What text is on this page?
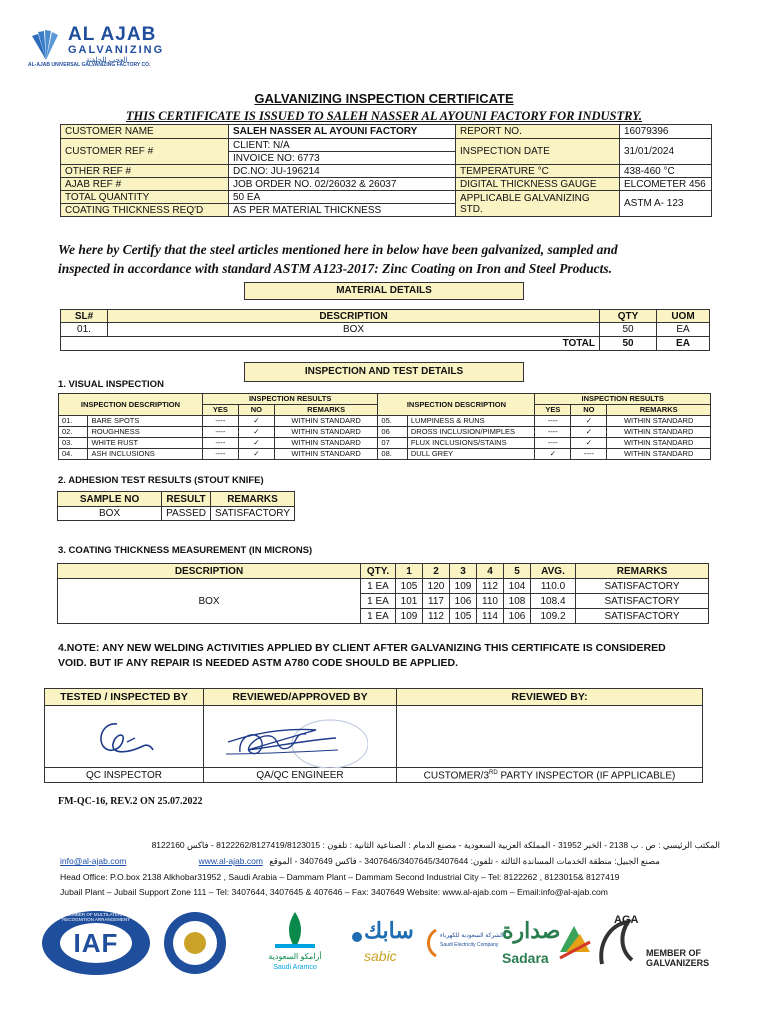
AL AJAB
GALVANIZING
العجب للجلفنة
AL-AJAB UNIVERSAL GALVANIZING FACTORY CO.
GALVANIZING INSPECTION CERTIFICATE
THIS CERTIFICATE IS ISSUED TO SALEH NASSER AL AYOUNI FACTORY FOR INDUSTRY.
CUSTOMER NAME	SALEH NASSER AL AYOUNI FACTORY	REPORT NO.	16079396
CUSTOMER REF #	CLIENT: N/A	INSPECTION DATE	31/01/2024
	INVOICE NO: 6773		
OTHER REF #	DC.NO: JU-196214	TEMPERATURE °C	438-460 °C
AJAB REF #	JOB ORDER NO. 02/26032 & 26037	DIGITAL THICKNESS GAUGE	ELCOMETER 456
TOTAL QUANTITY	50 EA	APPLICABLE GALVANIZING STD.	ASTM A- 123
COATING THICKNESS REQ'D	AS PER MATERIAL THICKNESS		
We here by Certify that the steel articles mentioned here in below have been galvanized, sampled and
inspected in accordance with standard ASTM A123-2017: Zinc Coating on Iron and Steel Products.
MATERIAL DETAILS
SL#	DESCRIPTION	QTY	UOM
01.	BOX	50	EA
	TOTAL	50	EA
INSPECTION AND TEST DETAILS
1. VISUAL INSPECTION
INSPECTION DESCRIPTION		INSPECTION RESULTS			INSPECTION DESCRIPTION		INSPECTION RESULTS		
		YES	NO	REMARKS			YES	NO	REMARKS
01.	BARE SPOTS	----	✓	WITHIN STANDARD	05.	LUMPINESS & RUNS	----	✓	WITHIN STANDARD
02.	ROUGHNESS	----	✓	WITHIN STANDARD	06	DROSS INCLUSION/PIMPLES	----	✓	WITHIN STANDARD
03.	WHITE RUST	----	✓	WITHIN STANDARD	07	FLUX INCLUSIONS/STAINS	----	✓	WITHIN STANDARD
04.	ASH INCLUSIONS	----	✓	WITHIN STANDARD	08.	DULL GREY	✓	----	WITHIN STANDARD
2. ADHESION TEST RESULTS (STOUT KNIFE)
SAMPLE NO	RESULT	REMARKS
BOX	PASSED	SATISFACTORY
3. COATING THICKNESS MEASUREMENT (IN MICRONS)
DESCRIPTION	QTY.	1	2	3	4	5	AVG.	REMARKS
BOX	1 EA	105	120	109	112	104	110.0	SATISFACTORY
	1 EA	101	117	106	110	108	108.4	SATISFACTORY
	1 EA	109	112	105	114	106	109.2	SATISFACTORY
4.NOTE: ANY NEW WELDING ACTIVITIES APPLIED BY CLIENT AFTER GALVANIZING THIS CERTIFICATE IS CONSIDERED
VOID. BUT IF ANY REPAIR IS NEEDED ASTM A780 CODE SHOULD BE APPLIED.
TESTED / INSPECTED BY	REVIEWED/APPROVED BY	REVIEWED BY:

QC INSPECTOR	QA/QC ENGINEER	CUSTOMER/3RD PARTY INSPECTOR (IF APPLICABLE)
FM-QC-16, REV.2 ON 25.07.2022
المكتب الرئيسي : ص . ب 2138 - الخبر 31952 - المملكة العربية السعودية - مصنع الدمام : الصناعية الثانية : تلفون : 8122262/8127419/8123015 - فاكس 8122160
info@al-ajab.com	www.al-ajab.com مصنع الجبيل: منطقة الخدمات المساندة الثالثة - تلفون: 3407646/3407645/3407644 - فاكس 3407649 - الموقع
Head Office: P.O.box 2138 Alkhobar31952 , Saudi Arabia – Dammam Plant – Dammam Second Industrial City – Tel: 8122262 , 8123015& 8127419
Jubail Plant – Jubail Support Zone 111 – Tel: 3407644, 3407645 & 407646 – Fax: 3407649 Website: www.al-ajab.com – Email:info@al-ajab.com
IAF
MEMBER OF MULTILATERAL RECOGNITION ARRANGEMENT
أرامكو السعودية
Saudi Aramco
سابك
sabic
الشركة السعودية للكهرباء
Saudi Electricity Company
صدارة
Sadara
AGA
MEMBER OF
GALVANIZERS
